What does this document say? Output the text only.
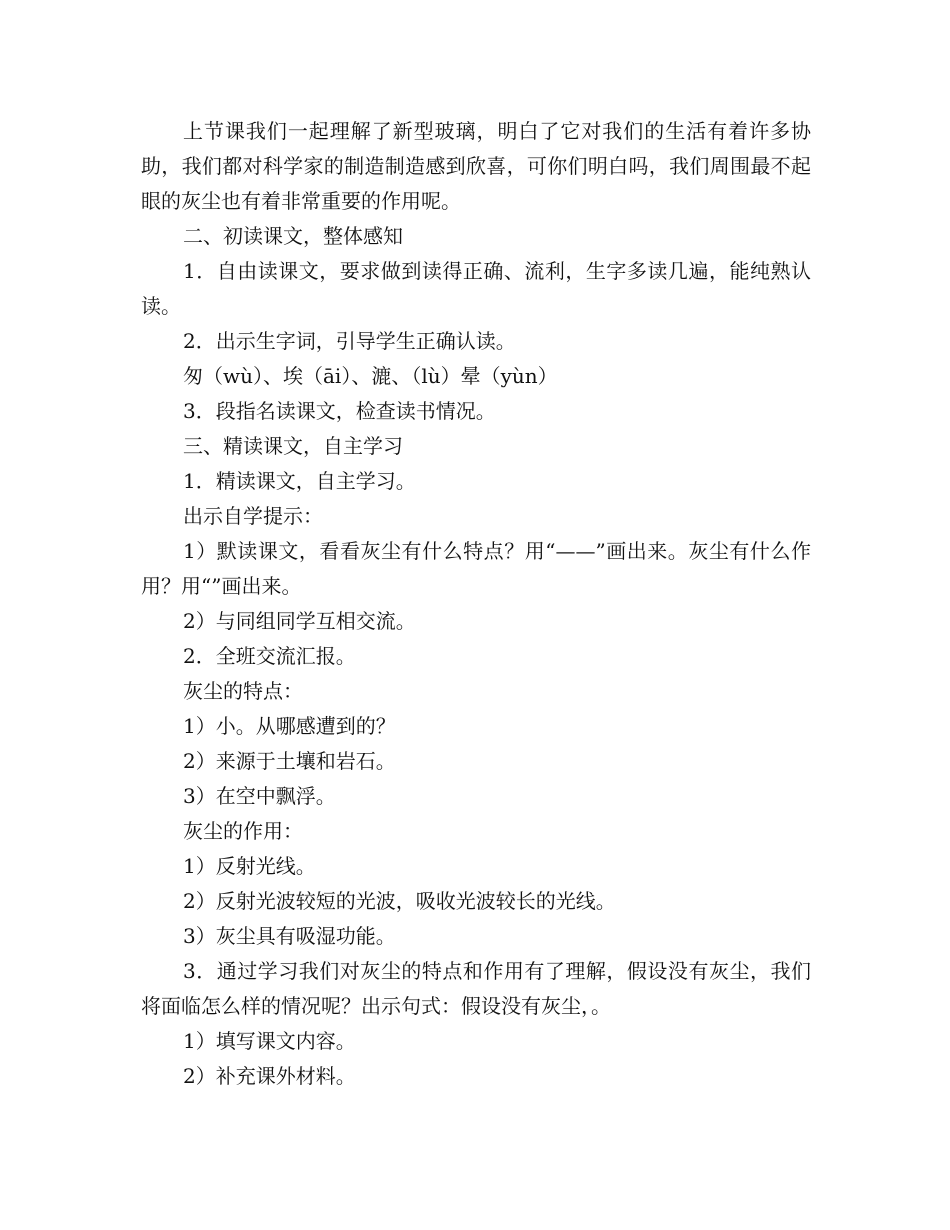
上节课我们一起理解了新型玻璃，明白了它对我们的生活有着许多协助，我们都对科学家的制造制造感到欣喜，可你们明白吗，我们周围最不起眼的灰尘也有着非常重要的作用呢。

二、初读课文，整体感知

1．自由读课文，要求做到读得正确、流利，生字多读几遍，能纯熟认读。

2．出示生字词，引导学生正确认读。

匆（wù）、埃（āi）、漉、（lù）晕（yùn）

3．段指名读课文，检查读书情况。

三、精读课文，自主学习

1．精读课文，自主学习。

出示自学提示：

1）默读课文，看看灰尘有什么特点？用“——”画出来。灰尘有什么作用？用“”画出来。

2）与同组同学互相交流。

2．全班交流汇报。

灰尘的特点：

1）小。从哪感遭到的？

2）来源于土壤和岩石。

3）在空中飘浮。

灰尘的作用：

1）反射光线。

2）反射光波较短的光波，吸收光波较长的光线。

3）灰尘具有吸湿功能。

3．通过学习我们对灰尘的特点和作用有了理解，假设没有灰尘，我们将面临怎么样的情况呢？出示句式：假设没有灰尘，。

1）填写课文内容。

2）补充课外材料。
